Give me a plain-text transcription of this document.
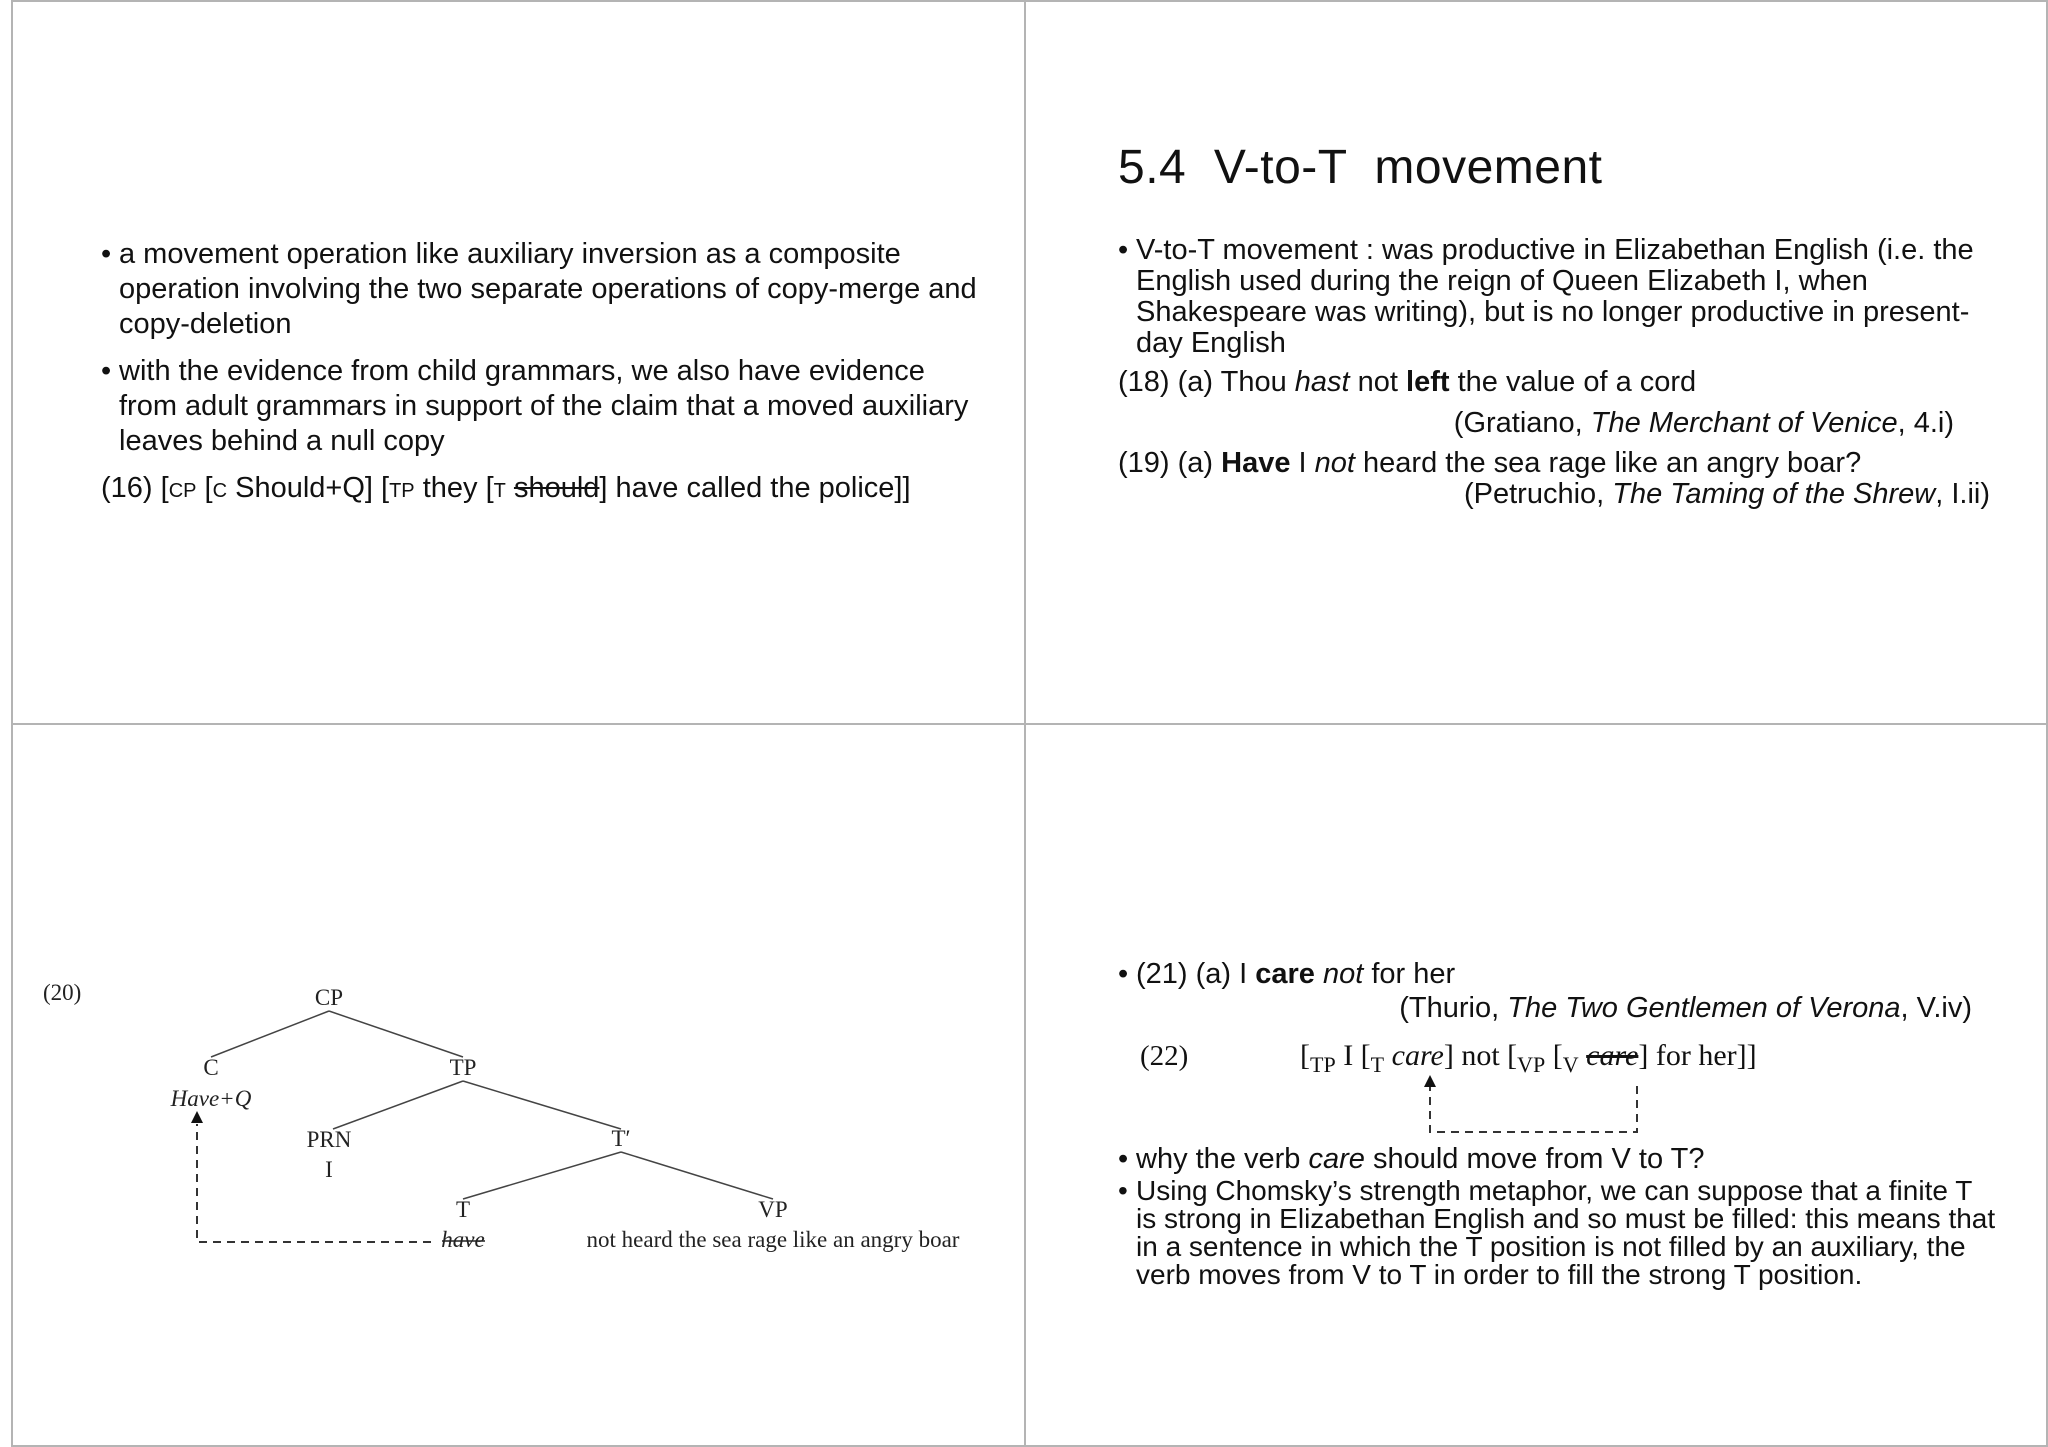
• a movement operation like auxiliary inversion as a composite operation involving the two separate operations of copy-merge and copy-deletion
• with the evidence from child grammars, we also have evidence from adult grammars in support of the claim that a moved auxiliary leaves behind a null copy
(16) [CP [C Should+Q] [TP they [T should] have called the police]]
5.4  V-to-T  movement
• V-to-T movement : was productive in Elizabethan English (i.e. the English used during the reign of Queen Elizabeth I, when Shakespeare was writing), but is no longer productive in present-day English
(18) (a) Thou hast not left the value of a cord
(Gratiano, The Merchant of Venice, 4.i)
(19) (a) Have I not heard the sea rage like an angry boar?
(Petruchio, The Taming of the Shrew, I.ii)
(20)	CP
C
Have+Q
TP
PRN
I
T′
T
have
VP
not heard the sea rage like an angry boar
• (21) (a) I care not for her
(Thurio, The Two Gentlemen of Verona, V.iv)
(22)	[$_{TP}$ I [$_T$ care] not [$_{VP}$ [$_V$ care] for her]]
• why the verb care should move from V to T?
• Using Chomsky’s strength metaphor, we can suppose that a finite T is strong in Elizabethan English and so must be filled: this means that in a sentence in which the T position is not filled by an auxiliary, the verb moves from V to T in order to fill the strong T position.
